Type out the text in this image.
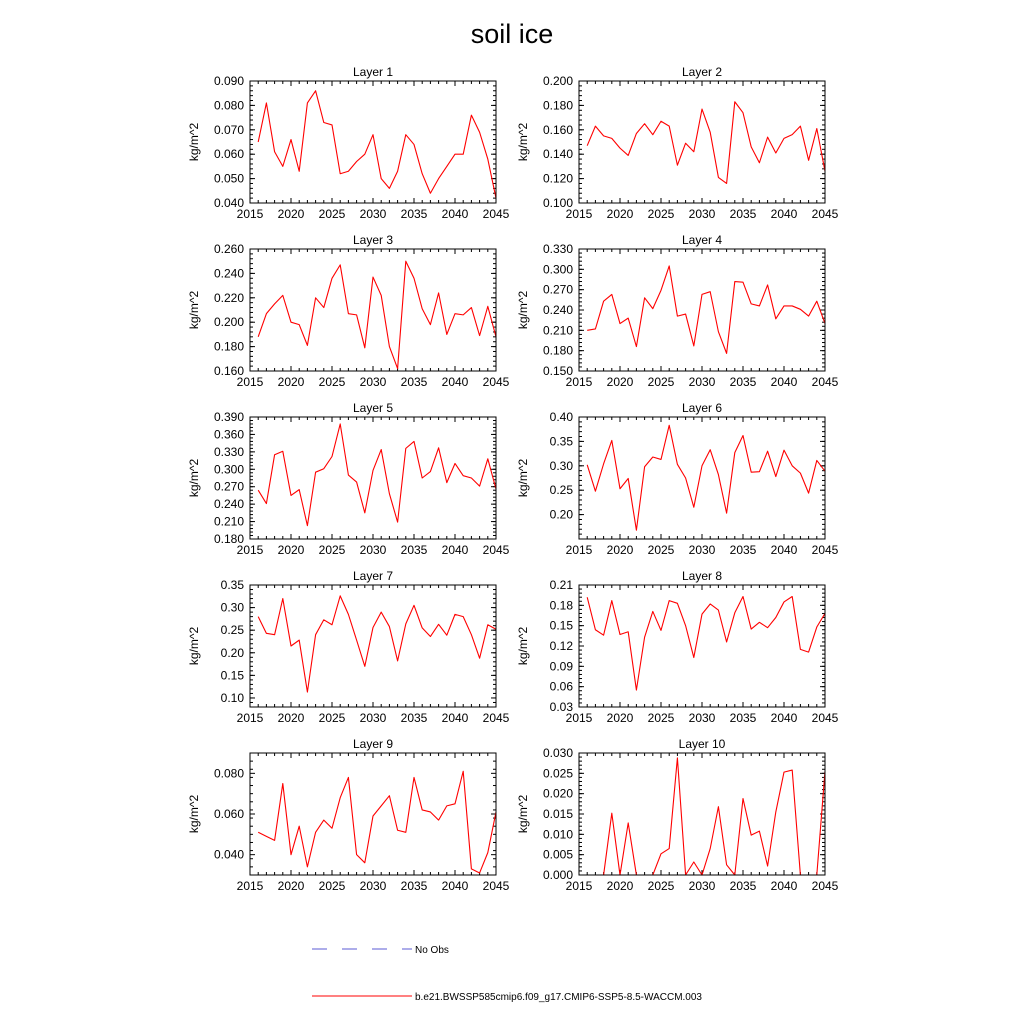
soil ice
Layer 1
kg/m^2
2015 2020 2025 2030 2035 2040 2045
0.040
0.050
0.060
0.070
0.080
0.090
Layer 2
kg/m^2
2015 2020 2025 2030 2035 2040 2045
0.100
0.120
0.140
0.160
0.180
0.200
Layer 3
kg/m^2
2015 2020 2025 2030 2035 2040 2045
0.160
0.180
0.200
0.220
0.240
0.260
Layer 4
kg/m^2
2015 2020 2025 2030 2035 2040 2045
0.150
0.180
0.210
0.240
0.270
0.300
0.330
Layer 5
kg/m^2
2015 2020 2025 2030 2035 2040 2045
0.180
0.210
0.240
0.270
0.300
0.330
0.360
0.390
Layer 6
kg/m^2
2015 2020 2025 2030 2035 2040 2045
0.20
0.25
0.30
0.35
0.40
Layer 7
kg/m^2
2015 2020 2025 2030 2035 2040 2045
0.10
0.15
0.20
0.25
0.30
0.35
Layer 8
kg/m^2
2015 2020 2025 2030 2035 2040 2045
0.03
0.06
0.09
0.12
0.15
0.18
0.21
Layer 9
kg/m^2
2015 2020 2025 2030 2035 2040 2045
0.040
0.060
0.080
Layer 10
kg/m^2
2015 2020 2025 2030 2035 2040 2045
0.000
0.005
0.010
0.015
0.020
0.025
0.030
No Obs
b.e21.BWSSP585cmip6.f09_g17.CMIP6-SSP5-8.5-WACCM.003
